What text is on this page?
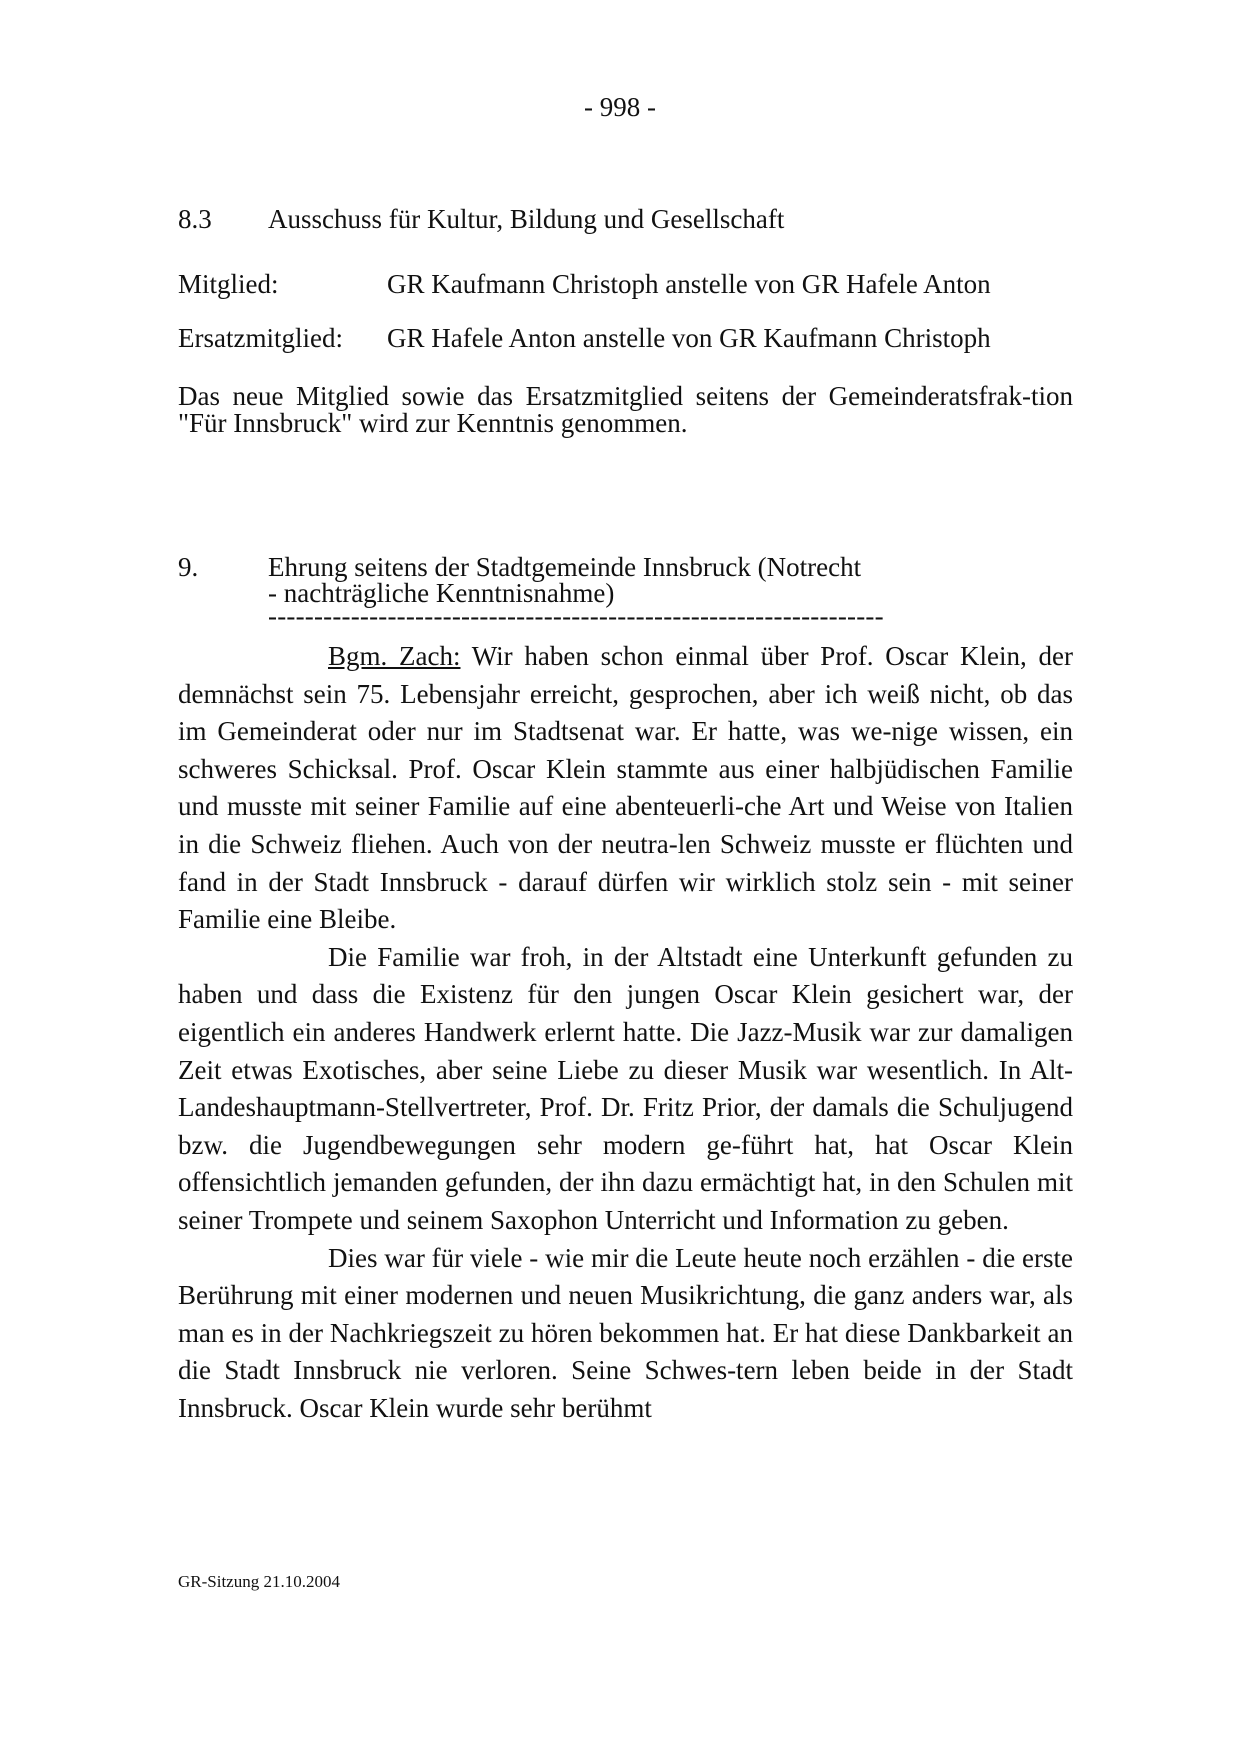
- 998 -
8.3 Ausschuss für Kultur, Bildung und Gesellschaft
Mitglied:	GR Kaufmann Christoph anstelle von GR Hafele Anton
Ersatzmitglied: GR Hafele Anton anstelle von GR Kaufmann Christoph
Das neue Mitglied sowie das Ersatzmitglied seitens der Gemeinderatsfrak-tion "Für Innsbruck" wird zur Kenntnis genommen.
9.	Ehrung seitens der Stadtgemeinde Innsbruck (Notrecht
- nachträgliche Kenntnisnahme)
-------------------------------------------------------------------

Bgm. Zach: Wir haben schon einmal über Prof. Oscar Klein, der demnächst sein 75. Lebensjahr erreicht, gesprochen, aber ich weiß nicht, ob das im Gemeinderat oder nur im Stadtsenat war. Er hatte, was we-nige wissen, ein schweres Schicksal. Prof. Oscar Klein stammte aus einer halbjüdischen Familie und musste mit seiner Familie auf eine abenteuerli-che Art und Weise von Italien in die Schweiz fliehen. Auch von der neutra-len Schweiz musste er flüchten und fand in der Stadt Innsbruck - darauf dürfen wir wirklich stolz sein - mit seiner Familie eine Bleibe.

Die Familie war froh, in der Altstadt eine Unterkunft gefunden zu haben und dass die Existenz für den jungen Oscar Klein gesichert war, der eigentlich ein anderes Handwerk erlernt hatte. Die Jazz-Musik war zur damaligen Zeit etwas Exotisches, aber seine Liebe zu dieser Musik war wesentlich. In Alt-Landeshauptmann-Stellvertreter, Prof. Dr. Fritz Prior, der damals die Schuljugend bzw. die Jugendbewegungen sehr modern ge-führt hat, hat Oscar Klein offensichtlich jemanden gefunden, der ihn dazu ermächtigt hat, in den Schulen mit seiner Trompete und seinem Saxophon Unterricht und Information zu geben.

Dies war für viele - wie mir die Leute heute noch erzählen - die erste Berührung mit einer modernen und neuen Musikrichtung, die ganz anders war, als man es in der Nachkriegszeit zu hören bekommen hat. Er hat diese Dankbarkeit an die Stadt Innsbruck nie verloren. Seine Schwes-tern leben beide in der Stadt Innsbruck. Oscar Klein wurde sehr berühmt

GR-Sitzung 21.10.2004
